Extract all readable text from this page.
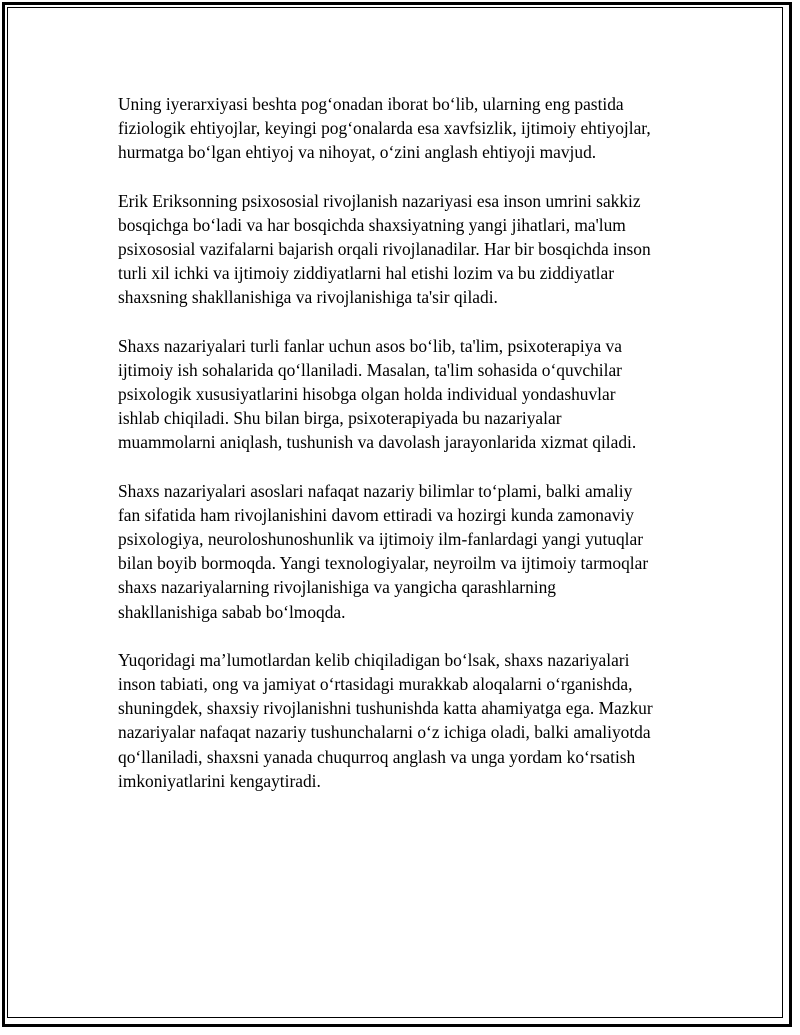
Uning iyerarxiyasi beshta pog‘onadan iborat bo‘lib, ularning eng pastida
fiziologik ehtiyojlar, keyingi pog‘onalarda esa xavfsizlik, ijtimoiy ehtiyojlar,
hurmatga bo‘lgan ehtiyoj va nihoyat, o‘zini anglash ehtiyoji mavjud.

Erik Eriksonning psixososial rivojlanish nazariyasi esa inson umrini sakkiz
bosqichga bo‘ladi va har bosqichda shaxsiyatning yangi jihatlari, ma'lum
psixososial vazifalarni bajarish orqali rivojlanadilar. Har bir bosqichda inson
turli xil ichki va ijtimoiy ziddiyatlarni hal etishi lozim va bu ziddiyatlar
shaxsning shakllanishiga va rivojlanishiga ta'sir qiladi.

Shaxs nazariyalari turli fanlar uchun asos bo‘lib, ta'lim, psixoterapiya va
ijtimoiy ish sohalarida qo‘llaniladi. Masalan, ta'lim sohasida o‘quvchilar
psixologik xususiyatlarini hisobga olgan holda individual yondashuvlar
ishlab chiqiladi. Shu bilan birga, psixoterapiyada bu nazariyalar
muammolarni aniqlash, tushunish va davolash jarayonlarida xizmat qiladi.

Shaxs nazariyalari asoslari nafaqat nazariy bilimlar to‘plami, balki amaliy
fan sifatida ham rivojlanishini davom ettiradi va hozirgi kunda zamonaviy
psixologiya, neuroloshunoshunlik va ijtimoiy ilm-fanlardagi yangi yutuqlar
bilan boyib bormoqda. Yangi texnologiyalar, neyroilm va ijtimoiy tarmoqlar
shaxs nazariyalarning rivojlanishiga va yangicha qarashlarning
shakllanishiga sabab bo‘lmoqda.

Yuqoridagi ma’lumotlardan kelib chiqiladigan bo‘lsak, shaxs nazariyalari
inson tabiati, ong va jamiyat o‘rtasidagi murakkab aloqalarni o‘rganishda,
shuningdek, shaxsiy rivojlanishni tushunishda katta ahamiyatga ega. Mazkur
nazariyalar nafaqat nazariy tushunchalarni o‘z ichiga oladi, balki amaliyotda
qo‘llaniladi, shaxsni yanada chuqurroq anglash va unga yordam ko‘rsatish
imkoniyatlarini kengaytiradi.
